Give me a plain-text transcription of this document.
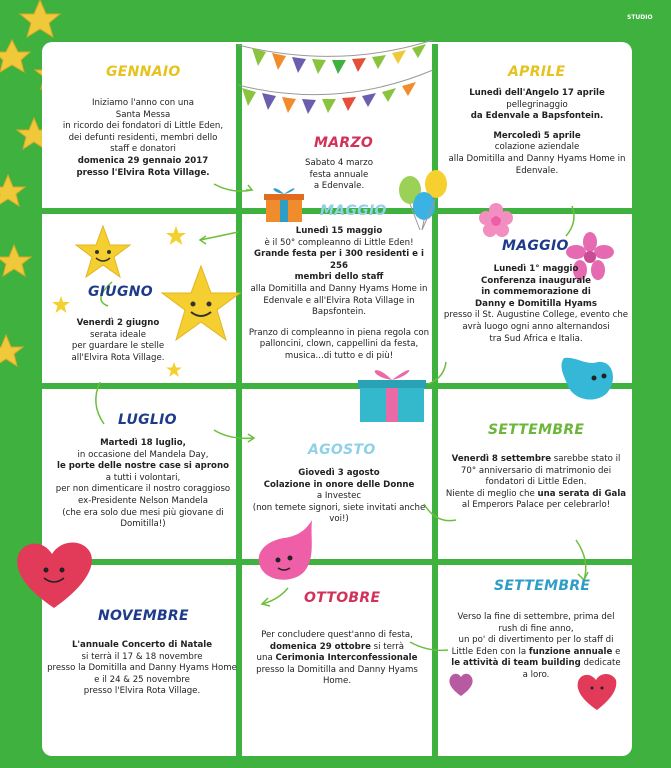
STUDIO
GENNAIO
Iniziamo l'anno con una
Santa Messa
in ricordo dei fondatori di Little Eden,
dei defunti residenti, membri dello
staff e donatori
domenica 29 gennaio 2017
presso l'Elvira Rota Village.
MARZO
Sabato 4 marzo
festa annuale
a Edenvale.
APRILE
Lunedì dell'Angelo 17 aprile
pellegrinaggio
da Edenvale a Bapsfontein.
Mercoledì 5 aprile
colazione aziendale
alla Domitilla and Danny Hyams Home in
Edenvale.
MAGGIO
Lunedì 15 maggio
è il 50° compleanno di Little Eden!
Grande festa per i 300 residenti e i 256
membri dello staff
alla Domitilla and Danny Hyams Home in
Edenvale e all'Elvira Rota Village in
Bapsfontein.
Pranzo di compleanno in piena regola con
palloncini, clown, cappellini da festa,
musica...di tutto e di più!
MAGGIO
Lunedì 1° maggio
Conferenza inaugurale
in commemorazione di
Danny e Domitilla Hyams
presso il St. Augustine College, evento che
avrà luogo ogni anno alternandosi
tra Sud Africa e Italia.
GIUGNO
Venerdì 2 giugno
serata ideale
per guardare le stelle
all'Elvira Rota Village.
LUGLIO
Martedì 18 luglio,
in occasione del Mandela Day,
le porte delle nostre case si aprono
a tutti i volontari,
per non dimenticare il nostro coraggioso
ex-Presidente Nelson Mandela
(che era solo due mesi più giovane di
Domitilla!)
AGOSTO
Giovedì 3 agosto
Colazione in onore delle Donne
a Investec
(non temete signori, siete invitati anche voi!)
SETTEMBRE
Venerdì 8 settembre sarebbe stato il
70° anniversario di matrimonio dei
fondatori di Little Eden.
Niente di meglio che una serata di Gala
al Emperors Palace per celebrarlo!
NOVEMBRE
L'annuale Concerto di Natale
si terrà il 17 & 18 novembre
presso la Domitilla and Danny Hyams Home
e il 24 & 25 novembre
presso l'Elvira Rota Village.
OTTOBRE
Per concludere quest'anno di festa,
domenica 29 ottobre si terrà
una Cerimonia Interconfessionale
presso la Domitilla and Danny Hyams
Home.
SETTEMBRE
Verso la fine di settembre, prima del
rush di fine anno,
un po' di divertimento per lo staff di
Little Eden con la funzione annuale e
le attività di team building dedicate
a loro.
